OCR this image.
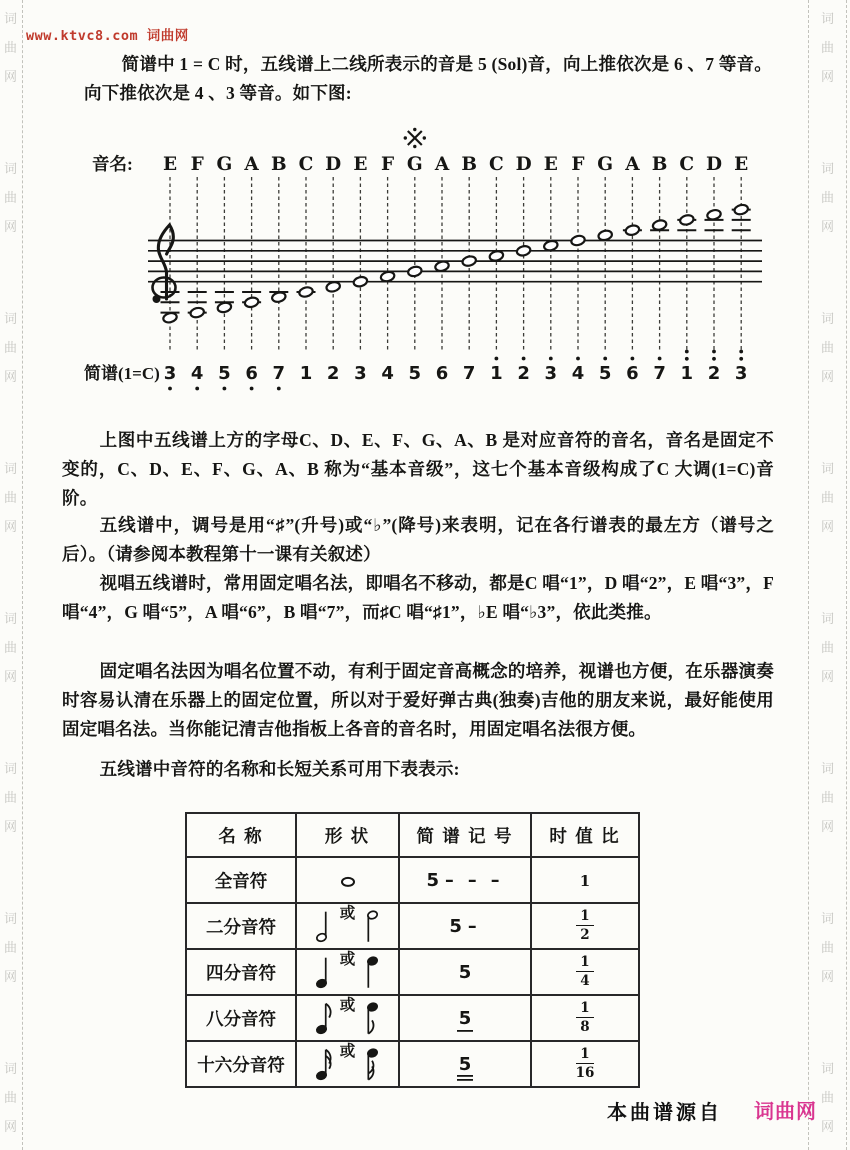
词
曲
网
词
曲
网
词
曲
网
词
曲
网
词
曲
网
词
曲
网
词
曲
网
词
曲
网
词
曲
网
词
曲
网
词
曲
网
词
曲
网
词
曲
网
词
曲
网
词
曲
网
词
曲
网
www.ktvc8.com 词曲网

简谱中 1 = C 时，五线谱上二线所表示的音是 5 (Sol)音，向上推依次是 6 、7 等音。向下推依次是 4 、3 等音。如下图:

音名: E F G A B C D E F G A B C D E F G A B C D E
简谱(1=C) 3 4 5 6 7 1 2 3 4 5 6 7 1 2 3 4 5 6 7 1 2 3

上图中五线谱上方的字母C、D、E、F、G、A、B 是对应音符的音名，音名是固定不变的，C、D、E、F、G、A、B 称为“基本音级”，这七个基本音级构成了C 大调(1=C)音阶。

五线谱中，调号是用“♯”(升号)或“♭”(降号)来表明，记在各行谱表的最左方（谱号之后）。（请参阅本教程第十一课有关叙述）

视唱五线谱时，常用固定唱名法，即唱名不移动，都是C 唱“1”，D 唱“2”，E 唱“3”，F 唱“4”，G 唱“5”，A 唱“6”，B 唱“7”，而♯C 唱“♯1”，♭E 唱“♭3”，依此类推。

固定唱名法因为唱名位置不动，有利于固定音高概念的培养，视谱也方便，在乐器演奏时容易认清在乐器上的固定位置，所以对于爱好弹古典(独奏)吉他的朋友来说，最好能使用固定唱名法。当你能记清吉他指板上各音的音名时，用固定唱名法很方便。

五线谱中音符的名称和长短关系可用下表表示:

名 称	形 状	简 谱 记 号	时 值 比
全音符		5 – – –	1
二分音符	或	5 –	$\frac{1}{2}$

四分音符	或	5	$\frac{1}{4}$

八分音符	或	5	$\frac{1}{8}$

十六分音符	或	5	$\frac{1}{16}$
本曲谱源自 词曲网
